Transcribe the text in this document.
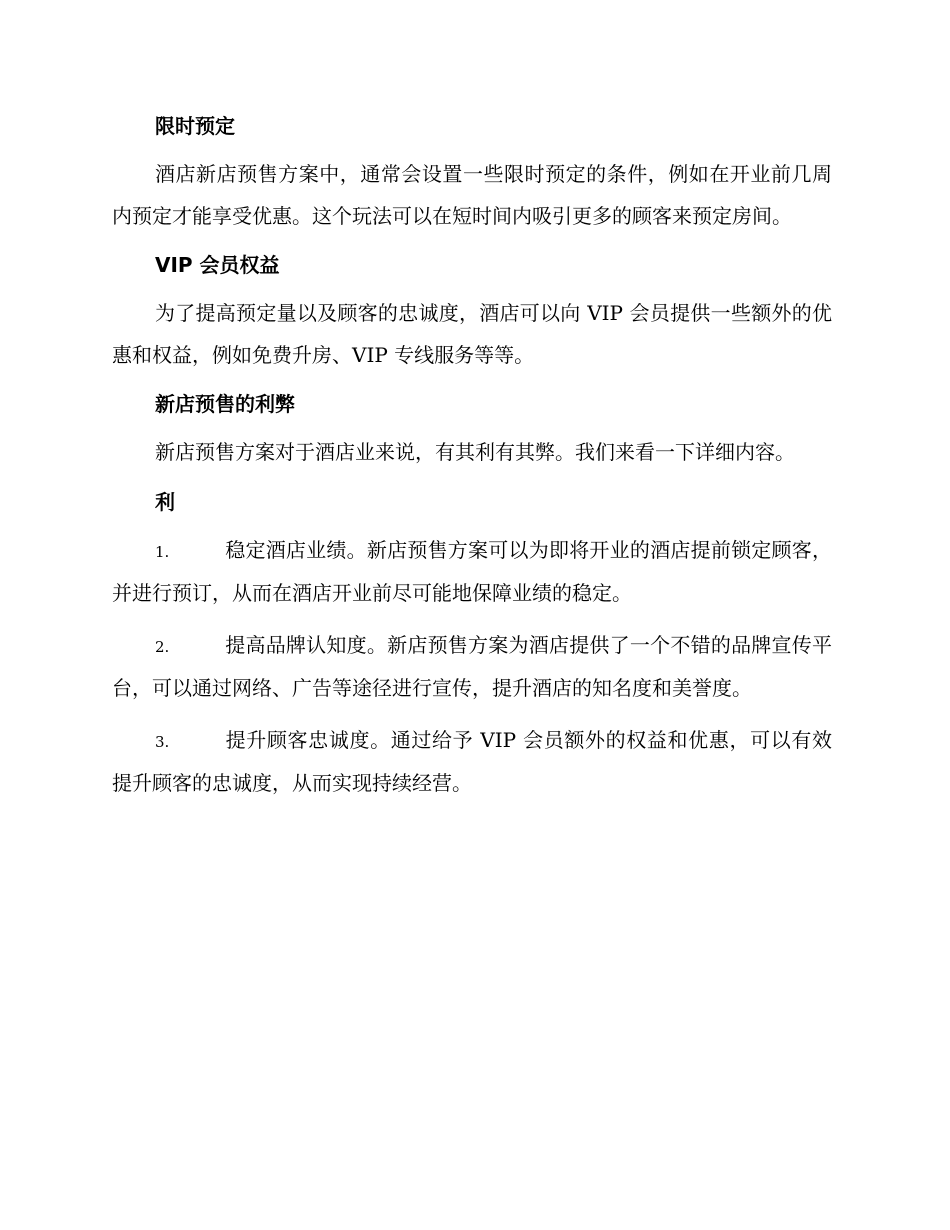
限时预定

酒店新店预售方案中，通常会设置一些限时预定的条件，例如在开业前几周内预定才能享受优惠。这个玩法可以在短时间内吸引更多的顾客来预定房间。

VIP 会员权益

为了提高预定量以及顾客的忠诚度，酒店可以向 VIP 会员提供一些额外的优惠和权益，例如免费升房、VIP 专线服务等等。

新店预售的利弊

新店预售方案对于酒店业来说，有其利有其弊。我们来看一下详细内容。

利

1.	稳定酒店业绩。新店预售方案可以为即将开业的酒店提前锁定顾客，并进行预订，从而在酒店开业前尽可能地保障业绩的稳定。

2.	提高品牌认知度。新店预售方案为酒店提供了一个不错的品牌宣传平台，可以通过网络、广告等途径进行宣传，提升酒店的知名度和美誉度。

3.	提升顾客忠诚度。通过给予 VIP 会员额外的权益和优惠，可以有效提升顾客的忠诚度，从而实现持续经营。
